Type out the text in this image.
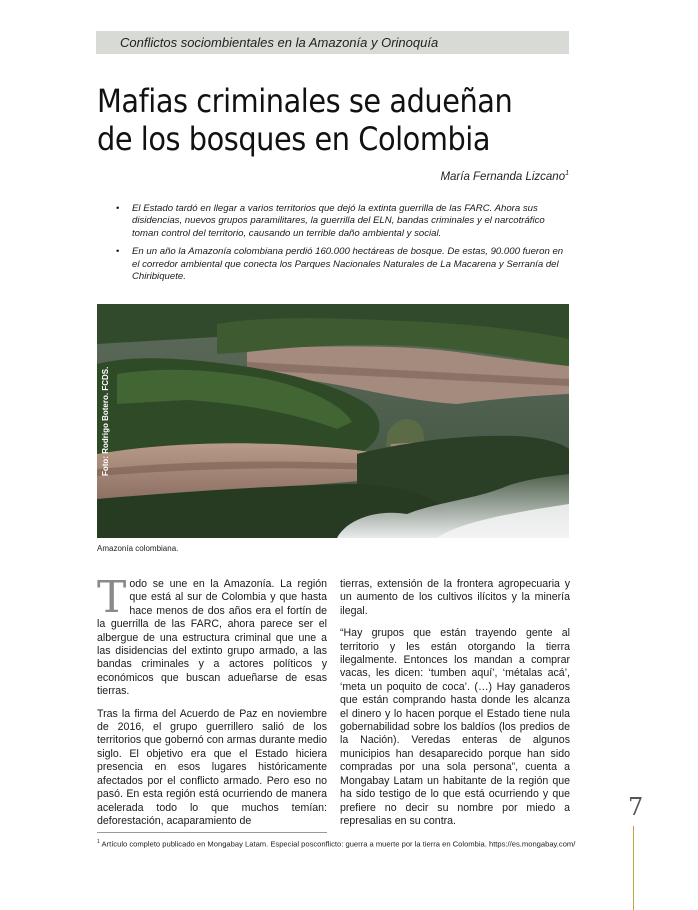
Conflictos sociombientales en la Amazonía y Orinoquía
Mafias criminales se adueñan
de los bosques en Colombia
María Fernanda Lizcano$^1$
• El Estado tardó en llegar a varios territorios que dejó la extinta guerrilla de las FARC. Ahora sus disidencias, nuevos grupos paramilitares, la guerrilla del ELN, bandas criminales y el narcotráfico toman control del territorio, causando un terrible daño ambiental y social.
• En un año la Amazonía colombiana perdió 160.000 hectáreas de bosque. De estas, 90.000 fueron en el corredor ambiental que conecta los Parques Nacionales Naturales de La Macarena y Serranía del Chiribiquete.
Foto: Rodrigo Botero. FCDS.
Amazonía colombiana.

Todo se une en la Amazonía. La región que está al sur de Colombia y que hasta hace menos de dos años era el fortín de la guerrilla de las FARC, ahora parece ser el albergue de una estructura criminal que une a las disidencias del extinto grupo armado, a las bandas criminales y a actores políticos y económicos que buscan adueñarse de esas tierras.

Tras la firma del Acuerdo de Paz en noviembre de 2016, el grupo guerrillero salió de los territorios que gobernó con armas durante medio siglo. El objetivo era que el Estado hiciera presencia en esos lugares históricamente afectados por el conflicto armado. Pero eso no pasó. En esta región está ocurriendo de manera acelerada todo lo que muchos temían: deforestación, acaparamiento de

tierras, extensión de la frontera agropecuaria y un aumento de los cultivos ilícitos y la minería ilegal.

“Hay grupos que están trayendo gente al territorio y les están otorgando la tierra ilegalmente. Entonces los mandan a comprar vacas, les dicen: ‘tumben aquí’, ‘métalas acá’, ‘meta un poquito de coca’. (…) Hay ganaderos que están comprando hasta donde les alcanza el dinero y lo hacen porque el Estado tiene nula gobernabilidad sobre los baldíos (los predios de la Nación). Veredas enteras de algunos municipios han desaparecido porque han sido compradas por una sola persona”, cuenta a Mongabay Latam un habitante de la región que ha sido testigo de lo que está ocurriendo y que prefiere no decir su nombre por miedo a represalias en su contra.

$^1$ Artículo completo publicado en Mongabay Latam. Especial posconflicto: guerra a muerte por la tierra en Colombia. https://es.mongabay.com/
7
